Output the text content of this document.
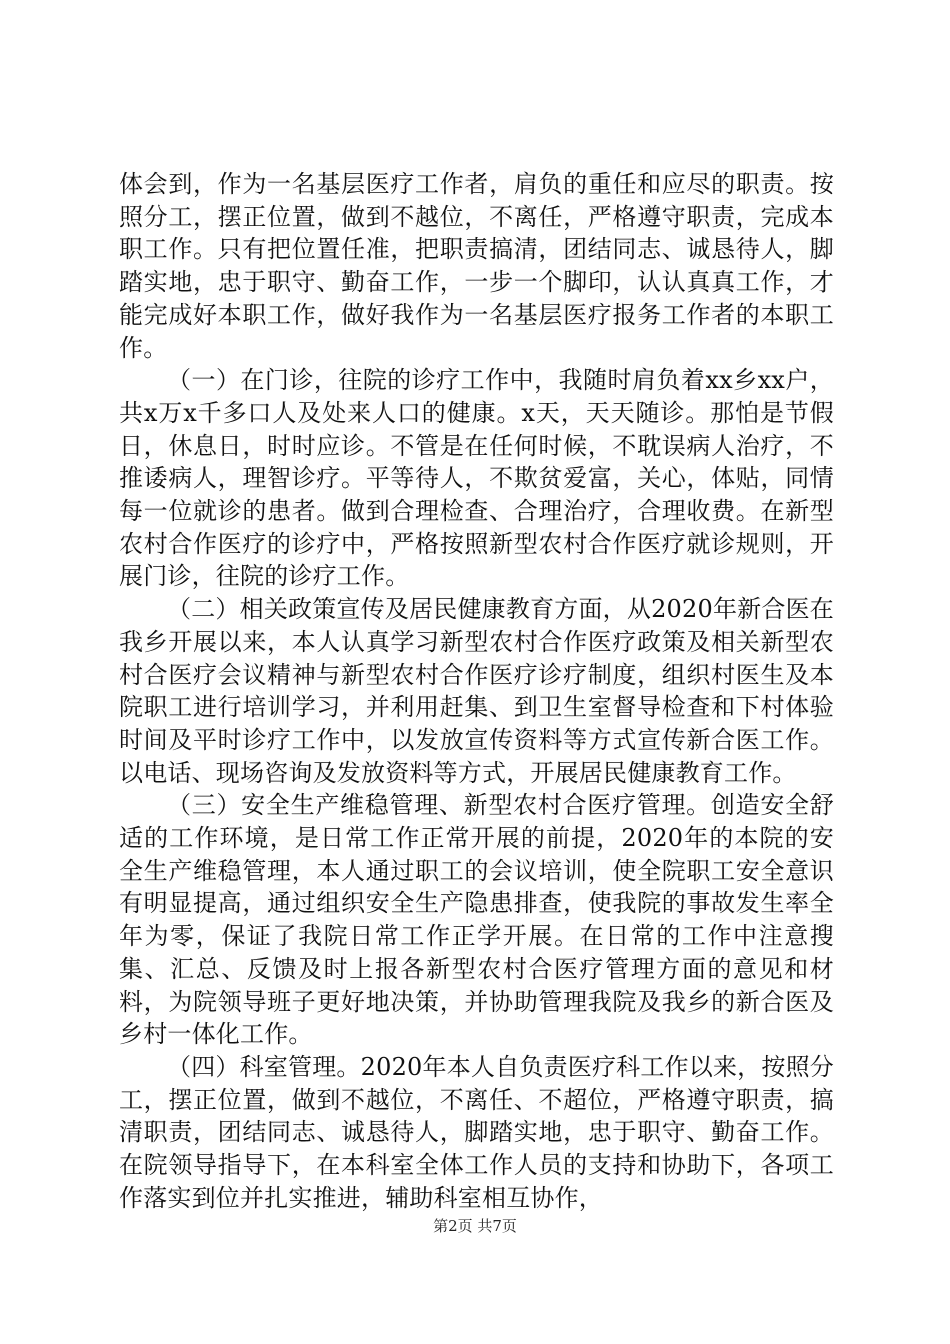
体会到，作为一名基层医疗工作者，肩负的重任和应尽的职责。按照分工，摆正位置，做到不越位，不离任，严格遵守职责，完成本职工作。只有把位置任准，把职责搞清，团结同志、诚恳待人，脚踏实地，忠于职守、勤奋工作，一步一个脚印，认认真真工作，才能完成好本职工作，做好我作为一名基层医疗报务工作者的本职工作。

（一）在门诊，往院的诊疗工作中，我随时肩负着xx乡xx户，共x万x千多口人及处来人口的健康。x天，天天随诊。那怕是节假日，休息日，时时应诊。不管是在任何时候，不耽误病人治疗，不推诿病人，理智诊疗。平等待人，不欺贫爱富，关心，体贴，同情每一位就诊的患者。做到合理检查、合理治疗，合理收费。在新型农村合作医疗的诊疗中，严格按照新型农村合作医疗就诊规则，开展门诊，往院的诊疗工作。

（二）相关政策宣传及居民健康教育方面，从2020年新合医在我乡开展以来，本人认真学习新型农村合作医疗政策及相关新型农村合医疗会议精神与新型农村合作医疗诊疗制度，组织村医生及本院职工进行培训学习，并利用赶集、到卫生室督导检查和下村体验时间及平时诊疗工作中，以发放宣传资料等方式宣传新合医工作。以电话、现场咨询及发放资料等方式，开展居民健康教育工作。

（三）安全生产维稳管理、新型农村合医疗管理。创造安全舒适的工作环境，是日常工作正常开展的前提，2020年的本院的安全生产维稳管理，本人通过职工的会议培训，使全院职工安全意识有明显提高，通过组织安全生产隐患排查，使我院的事故发生率全年为零，保证了我院日常工作正学开展。在日常的工作中注意搜集、汇总、反馈及时上报各新型农村合医疗管理方面的意见和材料，为院领导班子更好地决策，并协助管理我院及我乡的新合医及乡村一体化工作。

（四）科室管理。2020年本人自负责医疗科工作以来，按照分工，摆正位置，做到不越位，不离任、不超位，严格遵守职责，搞清职责，团结同志、诚恳待人，脚踏实地，忠于职守、勤奋工作。在院领导指导下，在本科室全体工作人员的支持和协助下，各项工作落实到位并扎实推进，辅助科室相互协作，

第2页 共7页
